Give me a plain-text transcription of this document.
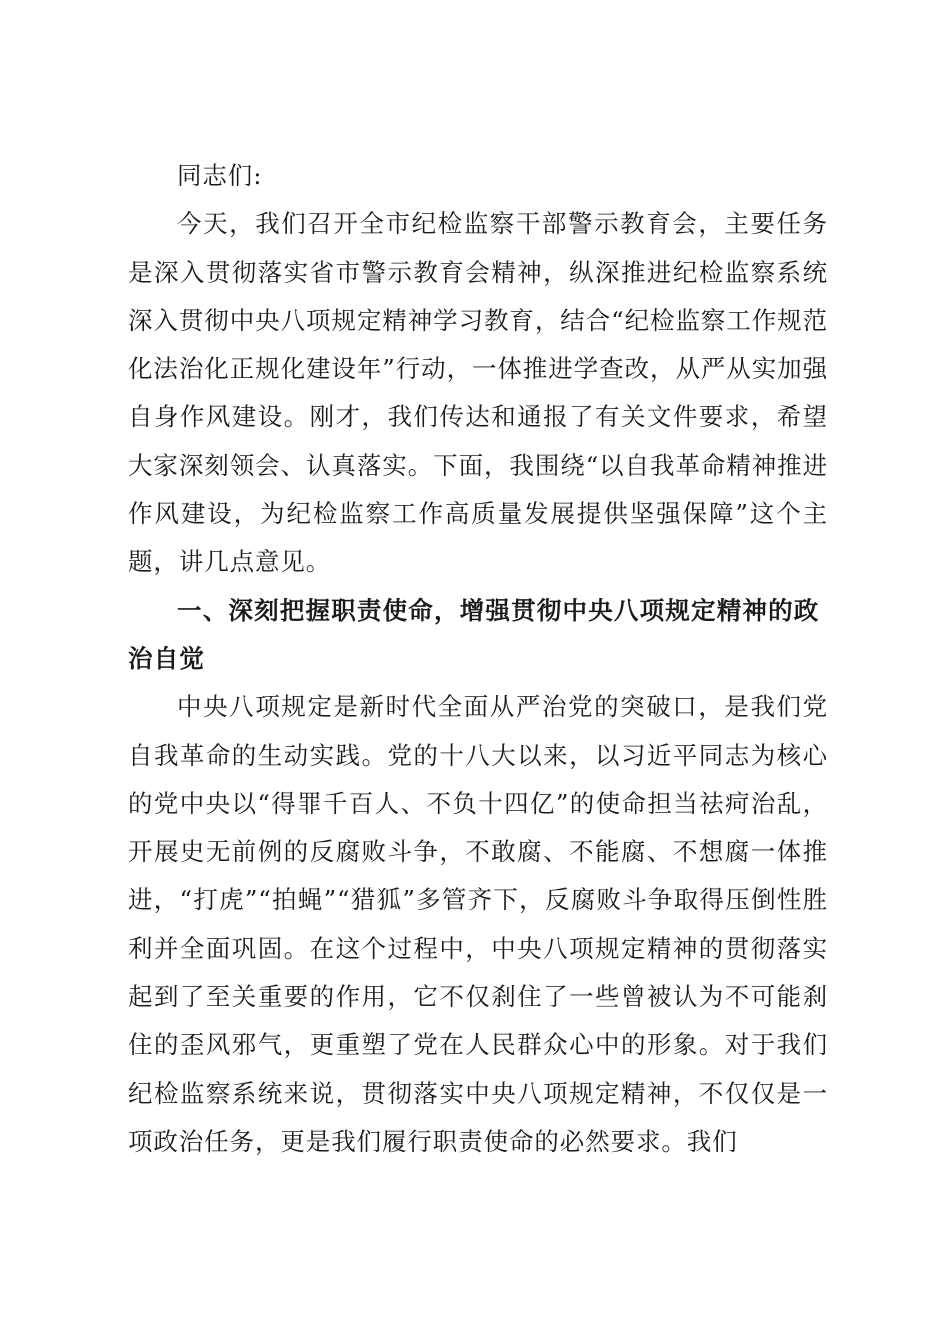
同志们:

今天，我们召开全市纪检监察干部警示教育会，主要任务是深入贯彻落实省市警示教育会精神，纵深推进纪检监察系统深入贯彻中央八项规定精神学习教育，结合“纪检监察工作规范化法治化正规化建设年”行动，一体推进学查改，从严从实加强自身作风建设。刚才，我们传达和通报了有关文件要求，希望大家深刻领会、认真落实。下面，我围绕“以自我革命精神推进作风建设，为纪检监察工作高质量发展提供坚强保障”这个主题，讲几点意见。

一、深刻把握职责使命，增强贯彻中央八项规定精神的政治自觉

中央八项规定是新时代全面从严治党的突破口，是我们党自我革命的生动实践。党的十八大以来，以习近平同志为核心的党中央以“得罪千百人、不负十四亿”的使命担当祛疴治乱，开展史无前例的反腐败斗争，不敢腐、不能腐、不想腐一体推进，“打虎”“拍蝇”“猎狐”多管齐下，反腐败斗争取得压倒性胜利并全面巩固。在这个过程中，中央八项规定精神的贯彻落实起到了至关重要的作用，它不仅刹住了一些曾被认为不可能刹住的歪风邪气，更重塑了党在人民群众心中的形象。对于我们纪检监察系统来说，贯彻落实中央八项规定精神，不仅仅是一项政治任务，更是我们履行职责使命的必然要求。我们
